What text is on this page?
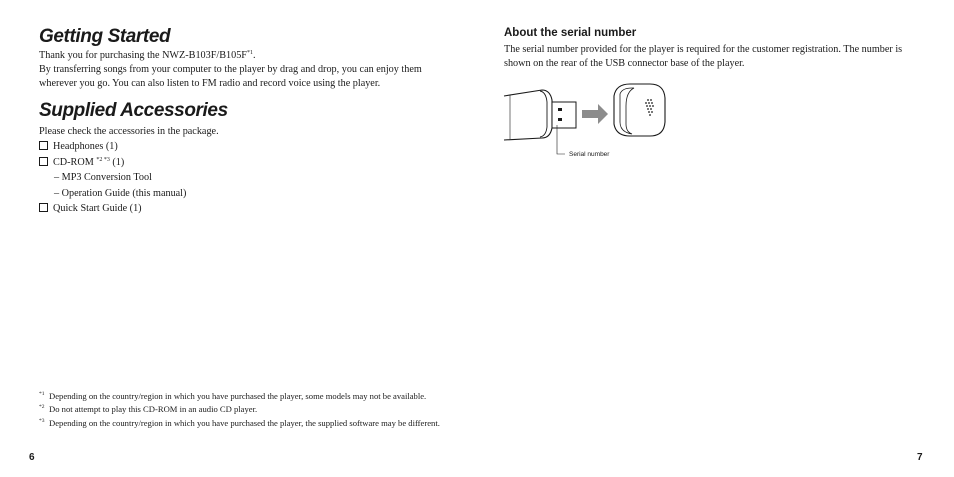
Getting Started

Thank you for purchasing the NWZ-$B103F/B105F^{*1}$.

By transferring songs from your computer to the player by drag and drop, you can enjoy them wherever you go. You can also listen to FM radio and record voice using the player.

Supplied Accessories

Please check the accessories in the package.

Headphones (1)

CD-ROM $^{*2 *3}$ (1)

– MP3 Conversion Tool

– Operation Guide (this manual)

Quick Start Guide (1)

*1 Depending on the country/region in which you have purchased the player, some models may not be available.
*2 Do not attempt to play this CD-ROM in an audio CD player.
*3 Depending on the country/region in which you have purchased the player, the supplied software may be different.
6
About the serial number

The serial number provided for the player is required for the customer registration. The number is shown on the rear of the USB connector base of the player.

Serial number
7
